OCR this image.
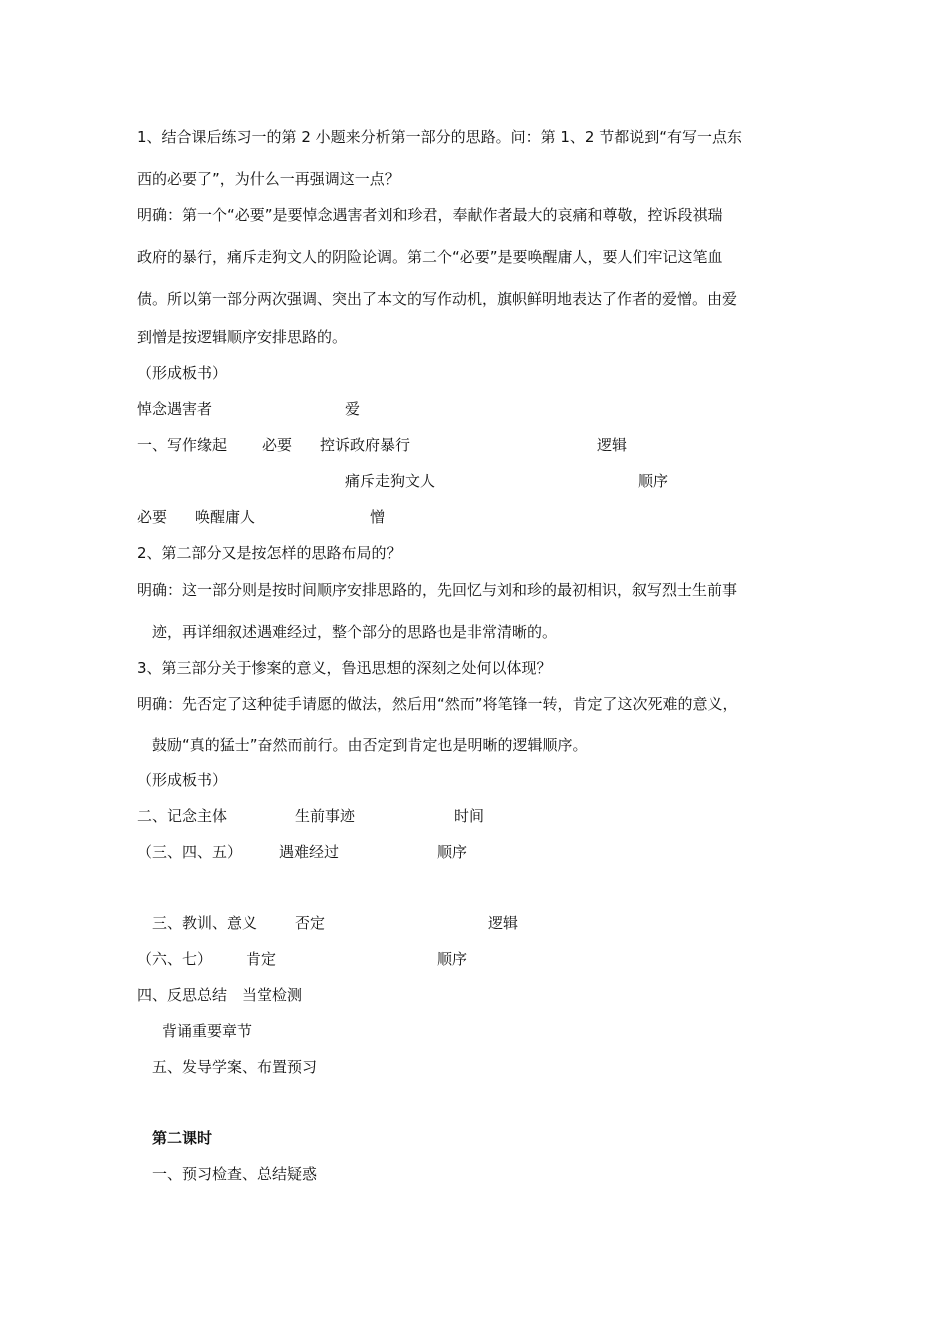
1、结合课后练习一的第 2 小题来分析第一部分的思路。问：第 1、2 节都说到“有写一点东
西的必要了”，为什么一再强调这一点？
明确：第一个“必要”是要悼念遇害者刘和珍君，奉献作者最大的哀痛和尊敬，控诉段祺瑞
政府的暴行，痛斥走狗文人的阴险论调。第二个“必要”是要唤醒庸人，要人们牢记这笔血
债。所以第一部分两次强调、突出了本文的写作动机，旗帜鲜明地表达了作者的爱憎。由爱
到憎是按逻辑顺序安排思路的。
（形成板书）
悼念遇害者	爱
一、写作缘起 必要 控诉政府暴行	逻辑
痛斥走狗文人	顺序
必要 唤醒庸人	憎
2、第二部分又是按怎样的思路布局的？
明确：这一部分则是按时间顺序安排思路的，先回忆与刘和珍的最初相识，叙写烈士生前事
迹，再详细叙述遇难经过，整个部分的思路也是非常清晰的。
3、第三部分关于惨案的意义，鲁迅思想的深刻之处何以体现？
明确：先否定了这种徒手请愿的做法，然后用“然而”将笔锋一转，肯定了这次死难的意义，
鼓励“真的猛士”奋然而前行。由否定到肯定也是明晰的逻辑顺序。
（形成板书）
二、记念主体	生前事迹	时间
（三、四、五） 遇难经过	顺序
三、教训、意义	否定	逻辑
（六、七） 肯定	顺序
四、反思总结　当堂检测
背诵重要章节
五、发导学案、布置预习
第二课时
一、预习检查、总结疑惑
